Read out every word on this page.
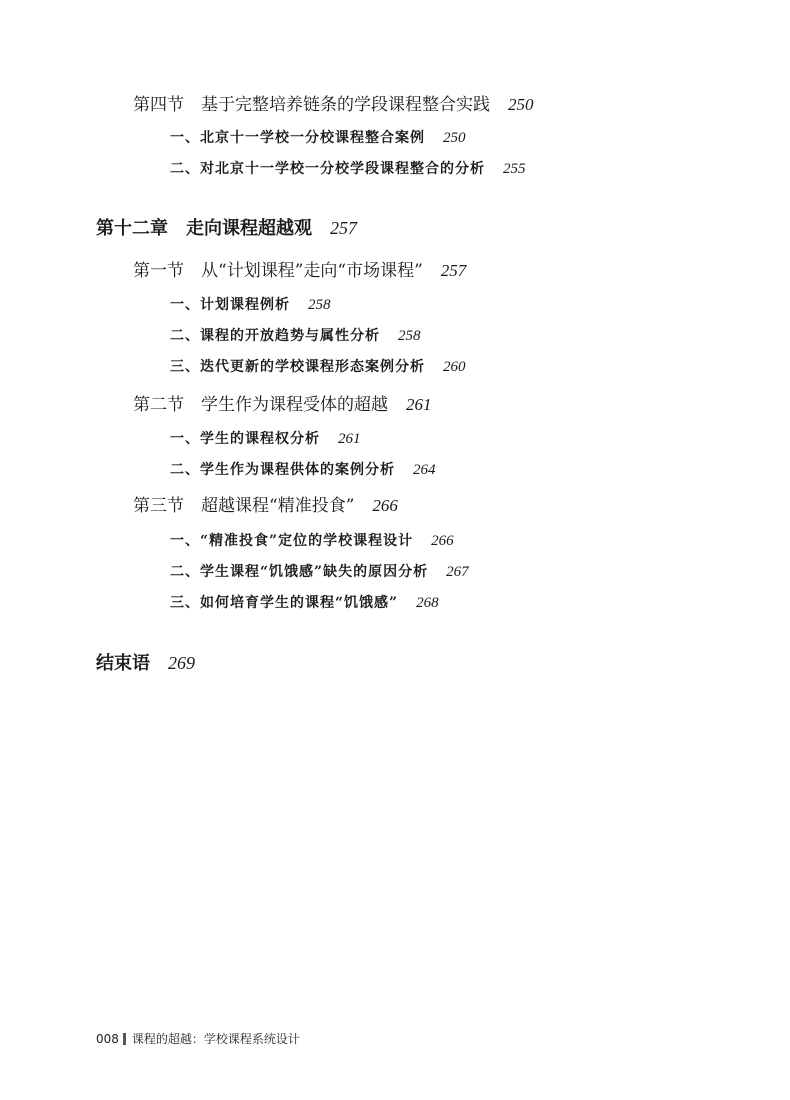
第四节　基于完整培养链条的学段课程整合实践 250
一、北京十一学校一分校课程整合案例 250
二、对北京十一学校一分校学段课程整合的分析 255
第十二章　走向课程超越观 257
第一节　从“计划课程”走向“市场课程” 257
一、计划课程例析 258
二、课程的开放趋势与属性分析 258
三、迭代更新的学校课程形态案例分析 260
第二节　学生作为课程受体的超越 261
一、学生的课程权分析 261
二、学生作为课程供体的案例分析 264
第三节　超越课程“精准投食” 266
一、“精准投食”定位的学校课程设计 266
二、学生课程“饥饿感”缺失的原因分析 267
三、如何培育学生的课程“饥饿感” 268
结束语 269
008 课程的超越：学校课程系统设计
